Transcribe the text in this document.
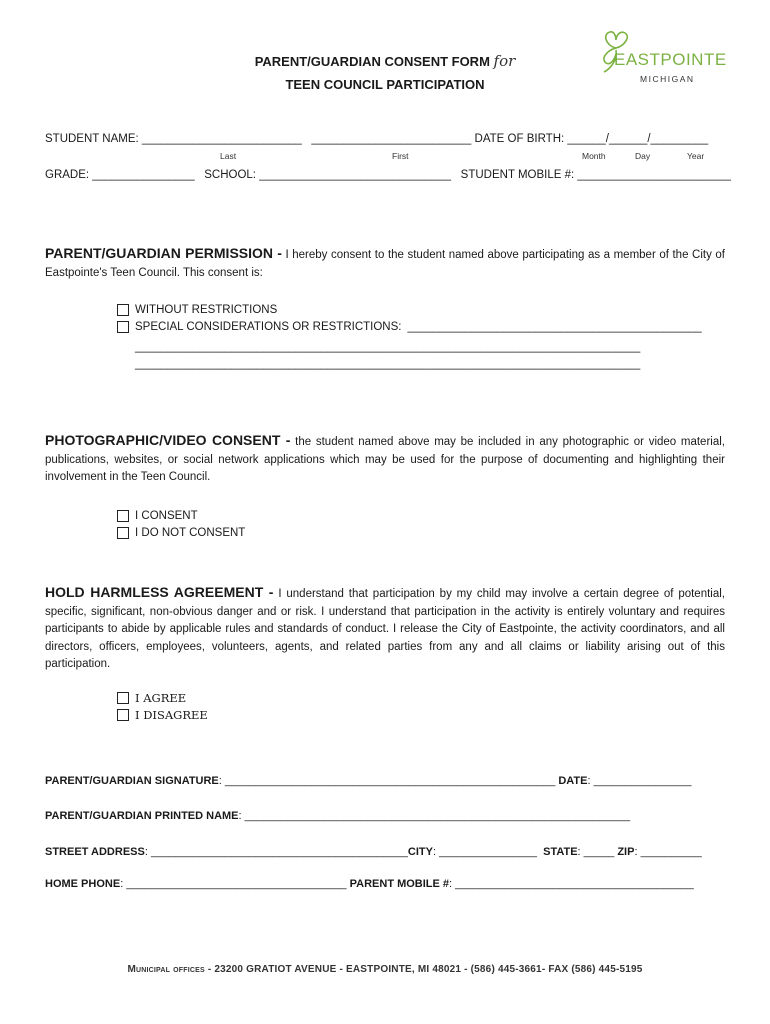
PARENT/GUARDIAN CONSENT FORM for
TEEN COUNCIL PARTICIPATION
EASTPOINTE
MICHIGAN
STUDENT NAME: _________________________ _________________________ DATE OF BIRTH: ______/______/_________
Last	First	Month	Day	Year
GRADE: ________________ SCHOOL: ______________________________ STUDENT MOBILE #: ________________________
PARENT/GUARDIAN PERMISSION - I hereby consent to the student named above participating as a member of the City of Eastpointe's Teen Council. This consent is:
WITHOUT RESTRICTIONS
SPECIAL CONSIDERATIONS OR RESTRICTIONS: ______________________________________________
_______________________________________________________________________________
_______________________________________________________________________________
PHOTOGRAPHIC/VIDEO CONSENT - the student named above may be included in any photographic or video material, publications, websites, or social network applications which may be used for the purpose of documenting and highlighting their involvement in the Teen Council.
I CONSENT
I DO NOT CONSENT
HOLD HARMLESS AGREEMENT - I understand that participation by my child may involve a certain degree of potential, specific, significant, non-obvious danger and or risk. I understand that participation in the activity is entirely voluntary and requires participants to abide by applicable rules and standards of conduct. I release the City of Eastpointe, the activity coordinators, and all directors, officers, employees, volunteers, agents, and related parties from any and all claims or liability arising out of this participation.
I AGREE
I DISAGREE
PARENT/GUARDIAN SIGNATURE: ______________________________________________________ DATE: ________________
PARENT/GUARDIAN PRINTED NAME: _______________________________________________________________
STREET ADDRESS: __________________________________________CITY: ________________ STATE: _____ ZIP: __________
HOME PHONE: ____________________________________ PARENT MOBILE #: _______________________________________
Municipal offices - 23200 GRATIOT AVENUE - EASTPOINTE, MI 48021 - (586) 445-3661- FAX (586) 445-5195
